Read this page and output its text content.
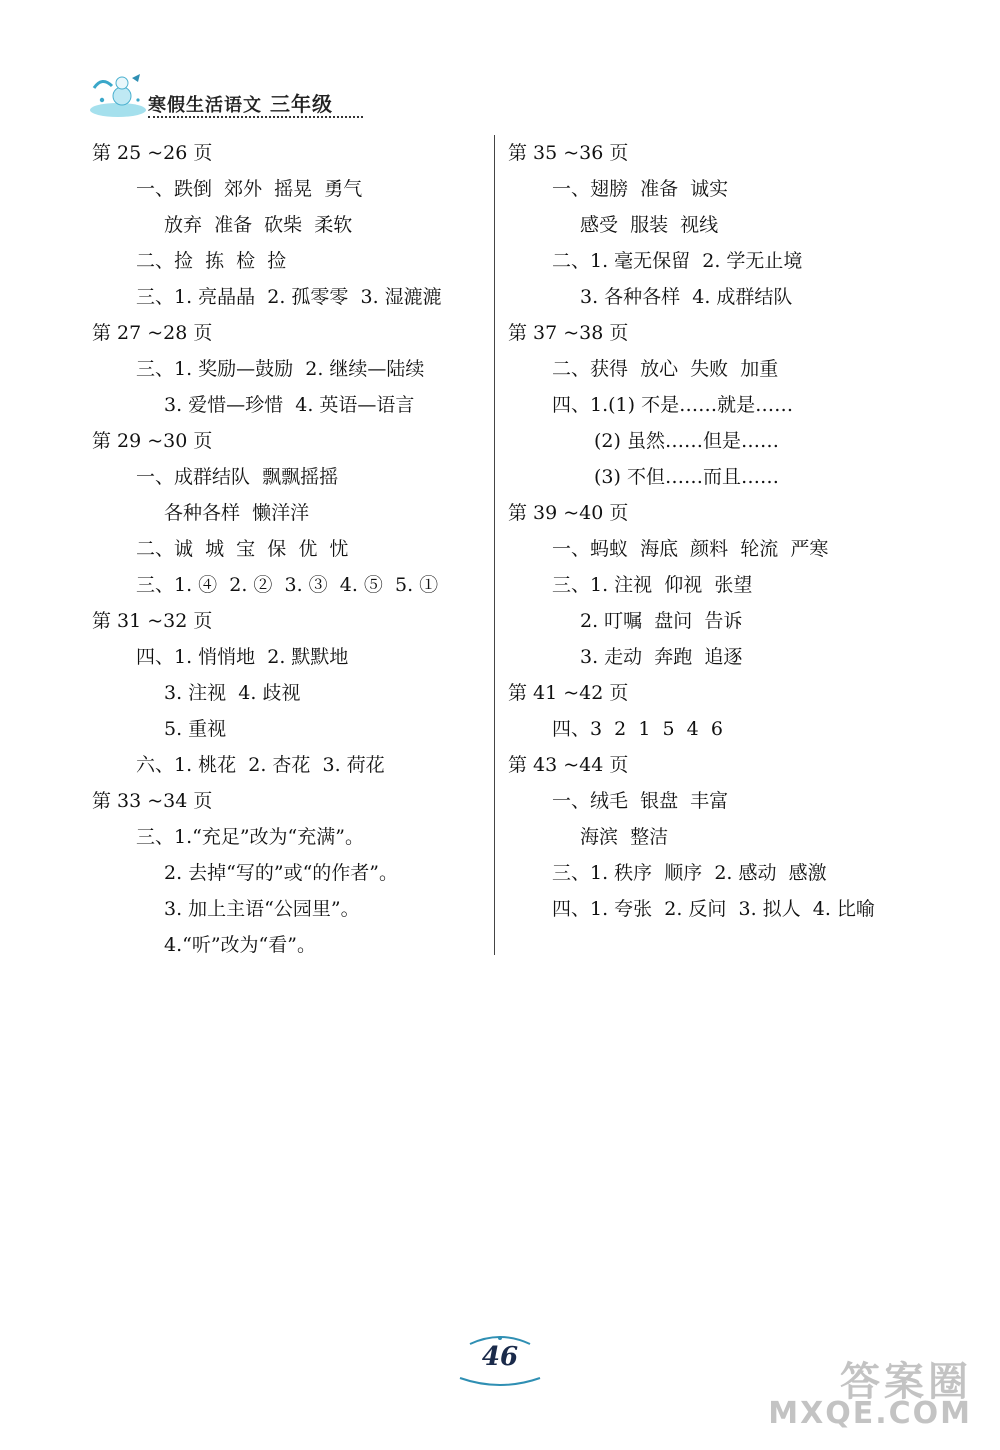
寒假生活语文 三年级
第 25 ~26 页
一、跌倒  郊外  摇晃  勇气
放弃  准备  砍柴  柔软
二、捡  拣  检  捡
三、1. 亮晶晶  2. 孤零零  3. 湿漉漉
第 27 ~28 页
三、1. 奖励—鼓励  2. 继续—陆续
3. 爱惜—珍惜  4. 英语—语言
第 29 ~30 页
一、成群结队  飘飘摇摇
各种各样  懒洋洋
二、诚  城  宝  保  优  忧
三、1. ④  2. ②  3. ③  4. ⑤  5. ①
第 31 ~32 页
四、1. 悄悄地  2. 默默地
3. 注视  4. 歧视
5. 重视
六、1. 桃花  2. 杏花  3. 荷花
第 33 ~34 页
三、1.“充足”改为“充满”。
2. 去掉“写的”或“的作者”。
3. 加上主语“公园里”。
4.“听”改为“看”。
第 35 ~36 页
一、翅膀  准备  诚实
感受  服装  视线
二、1. 毫无保留  2. 学无止境
3. 各种各样  4. 成群结队
第 37 ~38 页
二、获得  放心  失败  加重
四、1.(1) 不是……就是……
(2) 虽然……但是……
(3) 不但……而且……
第 39 ~40 页
一、蚂蚁  海底  颜料  轮流  严寒
三、1. 注视  仰视  张望
2. 叮嘱  盘问  告诉
3. 走动  奔跑  追逐
第 41 ~42 页
四、3  2  1  5  4  6
第 43 ~44 页
一、绒毛  银盘  丰富
海滨  整洁
三、1. 秩序  顺序  2. 感动  感激
四、1. 夸张  2. 反问  3. 拟人  4. 比喻
46
答案圈
MXQE.COM
